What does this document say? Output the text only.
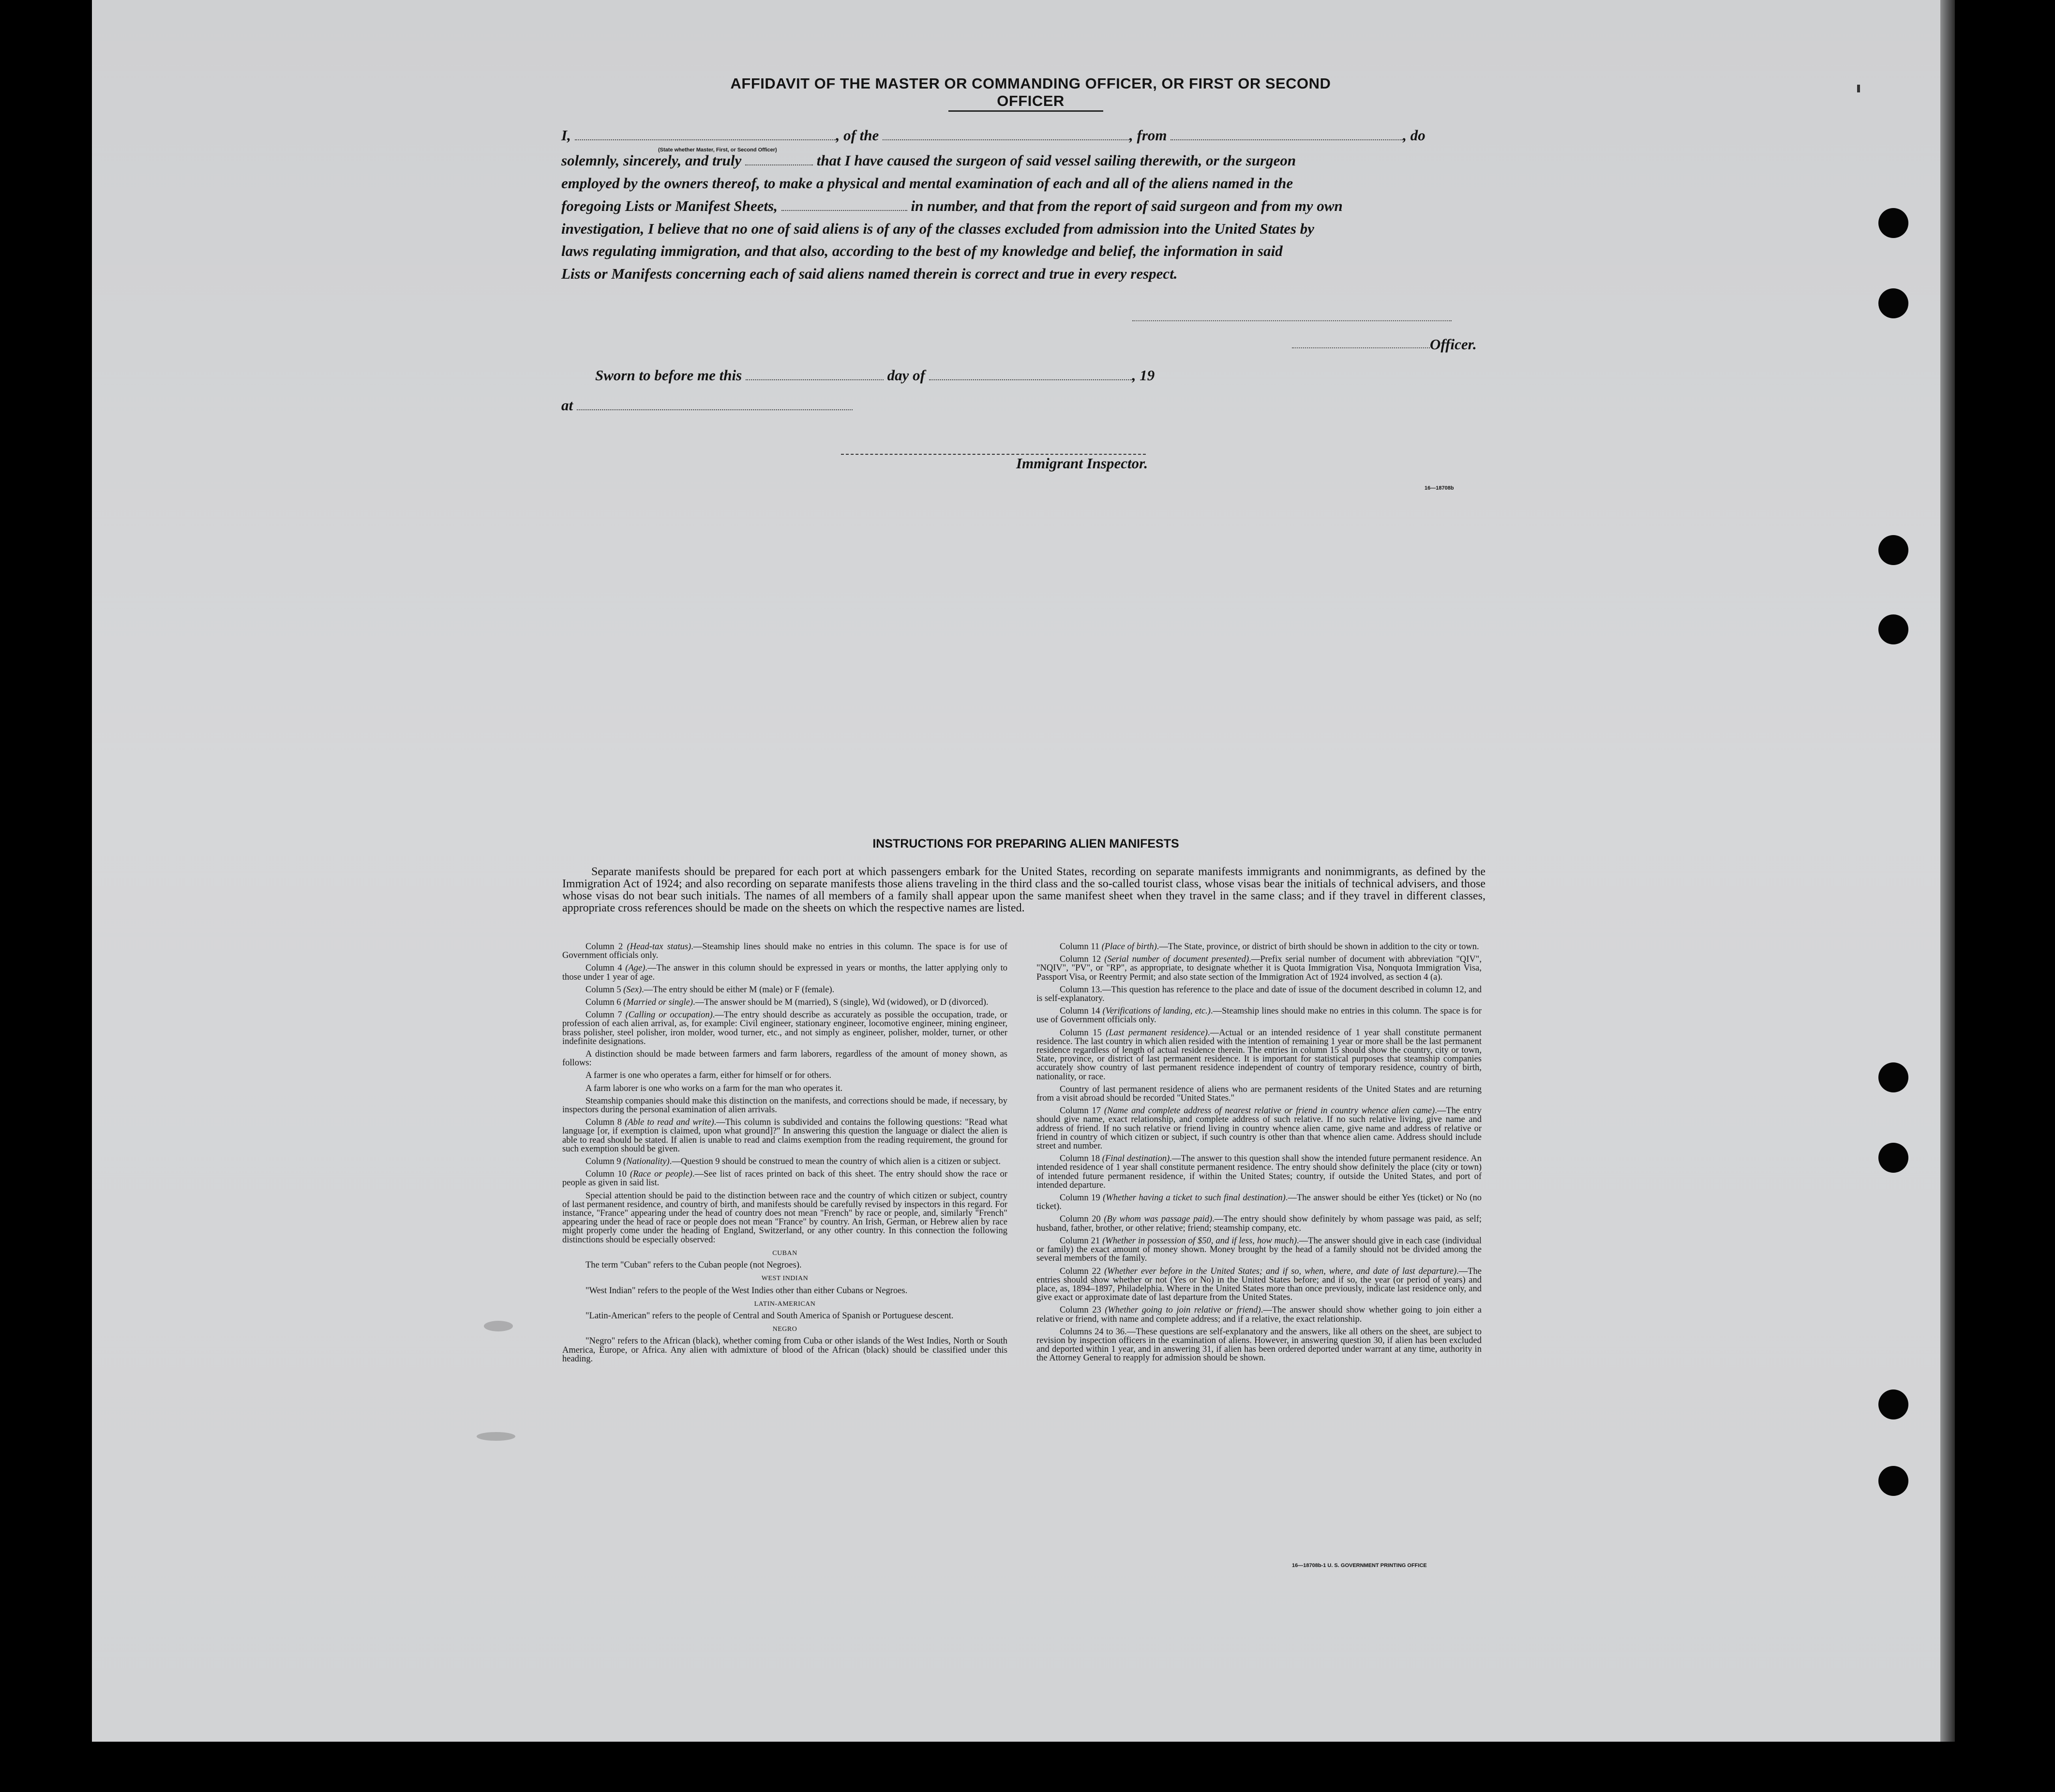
AFFIDAVIT OF THE MASTER OR COMMANDING OFFICER, OR FIRST OR SECOND OFFICER
I,	, of the	, from	, do
(State whether Master, First, or Second Officer)
solemnly, sincerely, and truly	that I have caused the surgeon of said vessel sailing therewith, or the surgeon
employed by the owners thereof, to make a physical and mental examination of each and all of the aliens named in the
foregoing Lists or Manifest Sheets,	in number, and that from the report of said surgeon and from my own
investigation, I believe that no one of said aliens is of any of the classes excluded from admission into the United States by
laws regulating immigration, and that also, according to the best of my knowledge and belief, the information in said
Lists or Manifests concerning each of said aliens named therein is correct and true in every respect.
Officer.
Sworn to before me this	day of	, 19
at
Immigrant Inspector.
16—18708b
INSTRUCTIONS FOR PREPARING ALIEN MANIFESTS
Separate manifests should be prepared for each port at which passengers embark for the United States, recording on separate manifests immigrants and nonimmigrants, as defined by the Immigration Act of 1924; and also recording on separate manifests those aliens traveling in the third class and the so-called tourist class, whose visas bear the initials of technical advisers, and those whose visas do not bear such initials. The names of all members of a family shall appear upon the same manifest sheet when they travel in the same class; and if they travel in different classes, appropriate cross references should be made on the sheets on which the respective names are listed.

Column 2 (Head-tax status).—Steamship lines should make no entries in this column. The space is for use of Government officials only.

Column 4 (Age).—The answer in this column should be expressed in years or months, the latter applying only to those under 1 year of age.

Column 5 (Sex).—The entry should be either M (male) or F (female).

Column 6 (Married or single).—The answer should be M (married), S (single), Wd (widowed), or D (divorced).

Column 7 (Calling or occupation).—The entry should describe as accurately as possible the occupation, trade, or profession of each alien arrival, as, for example: Civil engineer, stationary engineer, locomotive engineer, mining engineer, brass polisher, steel polisher, iron molder, wood turner, etc., and not simply as engineer, polisher, molder, turner, or other indefinite designations.

A distinction should be made between farmers and farm laborers, regardless of the amount of money shown, as follows:

A farmer is one who operates a farm, either for himself or for others.

A farm laborer is one who works on a farm for the man who operates it.

Steamship companies should make this distinction on the manifests, and corrections should be made, if necessary, by inspectors during the personal examination of alien arrivals.

Column 8 (Able to read and write).—This column is subdivided and contains the following questions: "Read what language [or, if exemption is claimed, upon what ground]?" In answering this question the language or dialect the alien is able to read should be stated. If alien is unable to read and claims exemption from the reading requirement, the ground for such exemption should be given.

Column 9 (Nationality).—Question 9 should be construed to mean the country of which alien is a citizen or subject.

Column 10 (Race or people).—See list of races printed on back of this sheet. The entry should show the race or people as given in said list.

Special attention should be paid to the distinction between race and the country of which citizen or subject, country of last permanent residence, and country of birth, and manifests should be carefully revised by inspectors in this regard. For instance, "France" appearing under the head of country does not mean "French" by race or people, and, similarly "French" appearing under the head of race or people does not mean "France" by country. An Irish, German, or Hebrew alien by race might properly come under the heading of England, Switzerland, or any other country. In this connection the following distinctions should be especially observed:

CUBAN

The term "Cuban" refers to the Cuban people (not Negroes).

WEST INDIAN

"West Indian" refers to the people of the West Indies other than either Cubans or Negroes.

LATIN-AMERICAN

"Latin-American" refers to the people of Central and South America of Spanish or Portuguese descent.

NEGRO

"Negro" refers to the African (black), whether coming from Cuba or other islands of the West Indies, North or South America, Europe, or Africa. Any alien with admixture of blood of the African (black) should be classified under this heading.

Column 11 (Place of birth).—The State, province, or district of birth should be shown in addition to the city or town.

Column 12 (Serial number of document presented).—Prefix serial number of document with abbreviation "QIV", "NQIV", "PV", or "RP", as appropriate, to designate whether it is Quota Immigration Visa, Nonquota Immigration Visa, Passport Visa, or Reentry Permit; and also state section of the Immigration Act of 1924 involved, as section 4 (a).

Column 13.—This question has reference to the place and date of issue of the document described in column 12, and is self-explanatory.

Column 14 (Verifications of landing, etc.).—Steamship lines should make no entries in this column. The space is for use of Government officials only.

Column 15 (Last permanent residence).—Actual or an intended residence of 1 year shall constitute permanent residence. The last country in which alien resided with the intention of remaining 1 year or more shall be the last permanent residence regardless of length of actual residence therein. The entries in column 15 should show the country, city or town, State, province, or district of last permanent residence. It is important for statistical purposes that steamship companies accurately show country of last permanent residence independent of country of temporary residence, country of birth, nationality, or race.

Country of last permanent residence of aliens who are permanent residents of the United States and are returning from a visit abroad should be recorded "United States."

Column 17 (Name and complete address of nearest relative or friend in country whence alien came).—The entry should give name, exact relationship, and complete address of such relative. If no such relative living, give name and address of friend. If no such relative or friend living in country whence alien came, give name and address of relative or friend in country of which citizen or subject, if such country is other than that whence alien came. Address should include street and number.

Column 18 (Final destination).—The answer to this question shall show the intended future permanent residence. An intended residence of 1 year shall constitute permanent residence. The entry should show definitely the place (city or town) of intended future permanent residence, if within the United States; country, if outside the United States, and port of intended departure.

Column 19 (Whether having a ticket to such final destination).—The answer should be either Yes (ticket) or No (no ticket).

Column 20 (By whom was passage paid).—The entry should show definitely by whom passage was paid, as self; husband, father, brother, or other relative; friend; steamship company, etc.

Column 21 (Whether in possession of $50, and if less, how much).—The answer should give in each case (individual or family) the exact amount of money shown. Money brought by the head of a family should not be divided among the several members of the family.

Column 22 (Whether ever before in the United States; and if so, when, where, and date of last departure).—The entries should show whether or not (Yes or No) in the United States before; and if so, the year (or period of years) and place, as, 1894–1897, Philadelphia. Where in the United States more than once previously, indicate last residence only, and give exact or approximate date of last departure from the United States.

Column 23 (Whether going to join relative or friend).—The answer should show whether going to join either a relative or friend, with name and complete address; and if a relative, the exact relationship.

Columns 24 to 36.—These questions are self-explanatory and the answers, like all others on the sheet, are subject to revision by inspection officers in the examination of aliens. However, in answering question 30, if alien has been excluded and deported within 1 year, and in answering 31, if alien has been ordered deported under warrant at any time, authority in the Attorney General to reapply for admission should be shown.

16—18708b-1 U. S. GOVERNMENT PRINTING OFFICE
